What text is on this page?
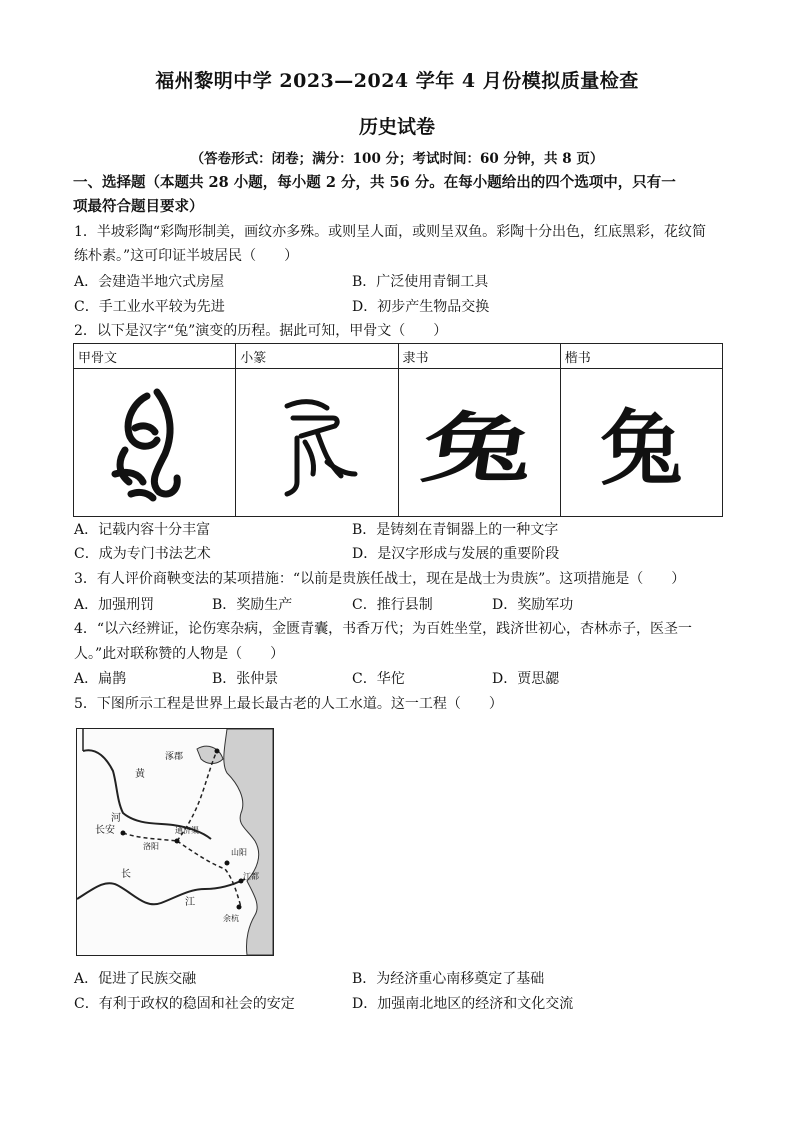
福州黎明中学 2023—2024 学年 4 月份模拟质量检查
历史试卷
（答卷形式：闭卷；满分：100 分；考试时间：60 分钟，共 8 页）
一、选择题（本题共 28 小题，每小题 2 分，共 56 分。在每小题给出的四个选项中，只有一
项最符合题目要求）
1．半坡彩陶“彩陶形制美，画纹亦多殊。或则呈人面，或则呈双鱼。彩陶十分出色，红底黑彩，花纹简
练朴素。”这可印证半坡居民（　　）
A．会建造半地穴式房屋	B．广泛使用青铜工具
C．手工业水平较为先进	D．初步产生物品交换
2．以下是汉字“兔”演变的历程。据此可知，甲骨文（　　）
甲骨文	小篆	隶书	楷书
		兔	兔
A．记载内容十分丰富	B．是铸刻在青铜器上的一种文字
C．成为专门书法艺术	D．是汉字形成与发展的重要阶段
3．有人评价商鞅变法的某项措施：“以前是贵族任战士，现在是战士为贵族”。这项措施是（　　）
A．加强刑罚	B．奖励生产	C．推行县制	D．奖励军功
4．“以六经辨证，论伤寒杂病，金匮青囊，书香万代；为百姓坐堂，践济世初心，杏林赤子，医圣一
人。”此对联称赞的人物是（　　）
A．扁鹊	B．张仲景	C．华佗	D．贾思勰
5．下图所示工程是世界上最长最古老的人工水道。这一工程（　　）
涿郡
黄
河
长安
洛阳
通济渠
山阳
江都
长
江
余杭
A．促进了民族交融	B．为经济重心南移奠定了基础
C．有利于政权的稳固和社会的安定	D．加强南北地区的经济和文化交流
